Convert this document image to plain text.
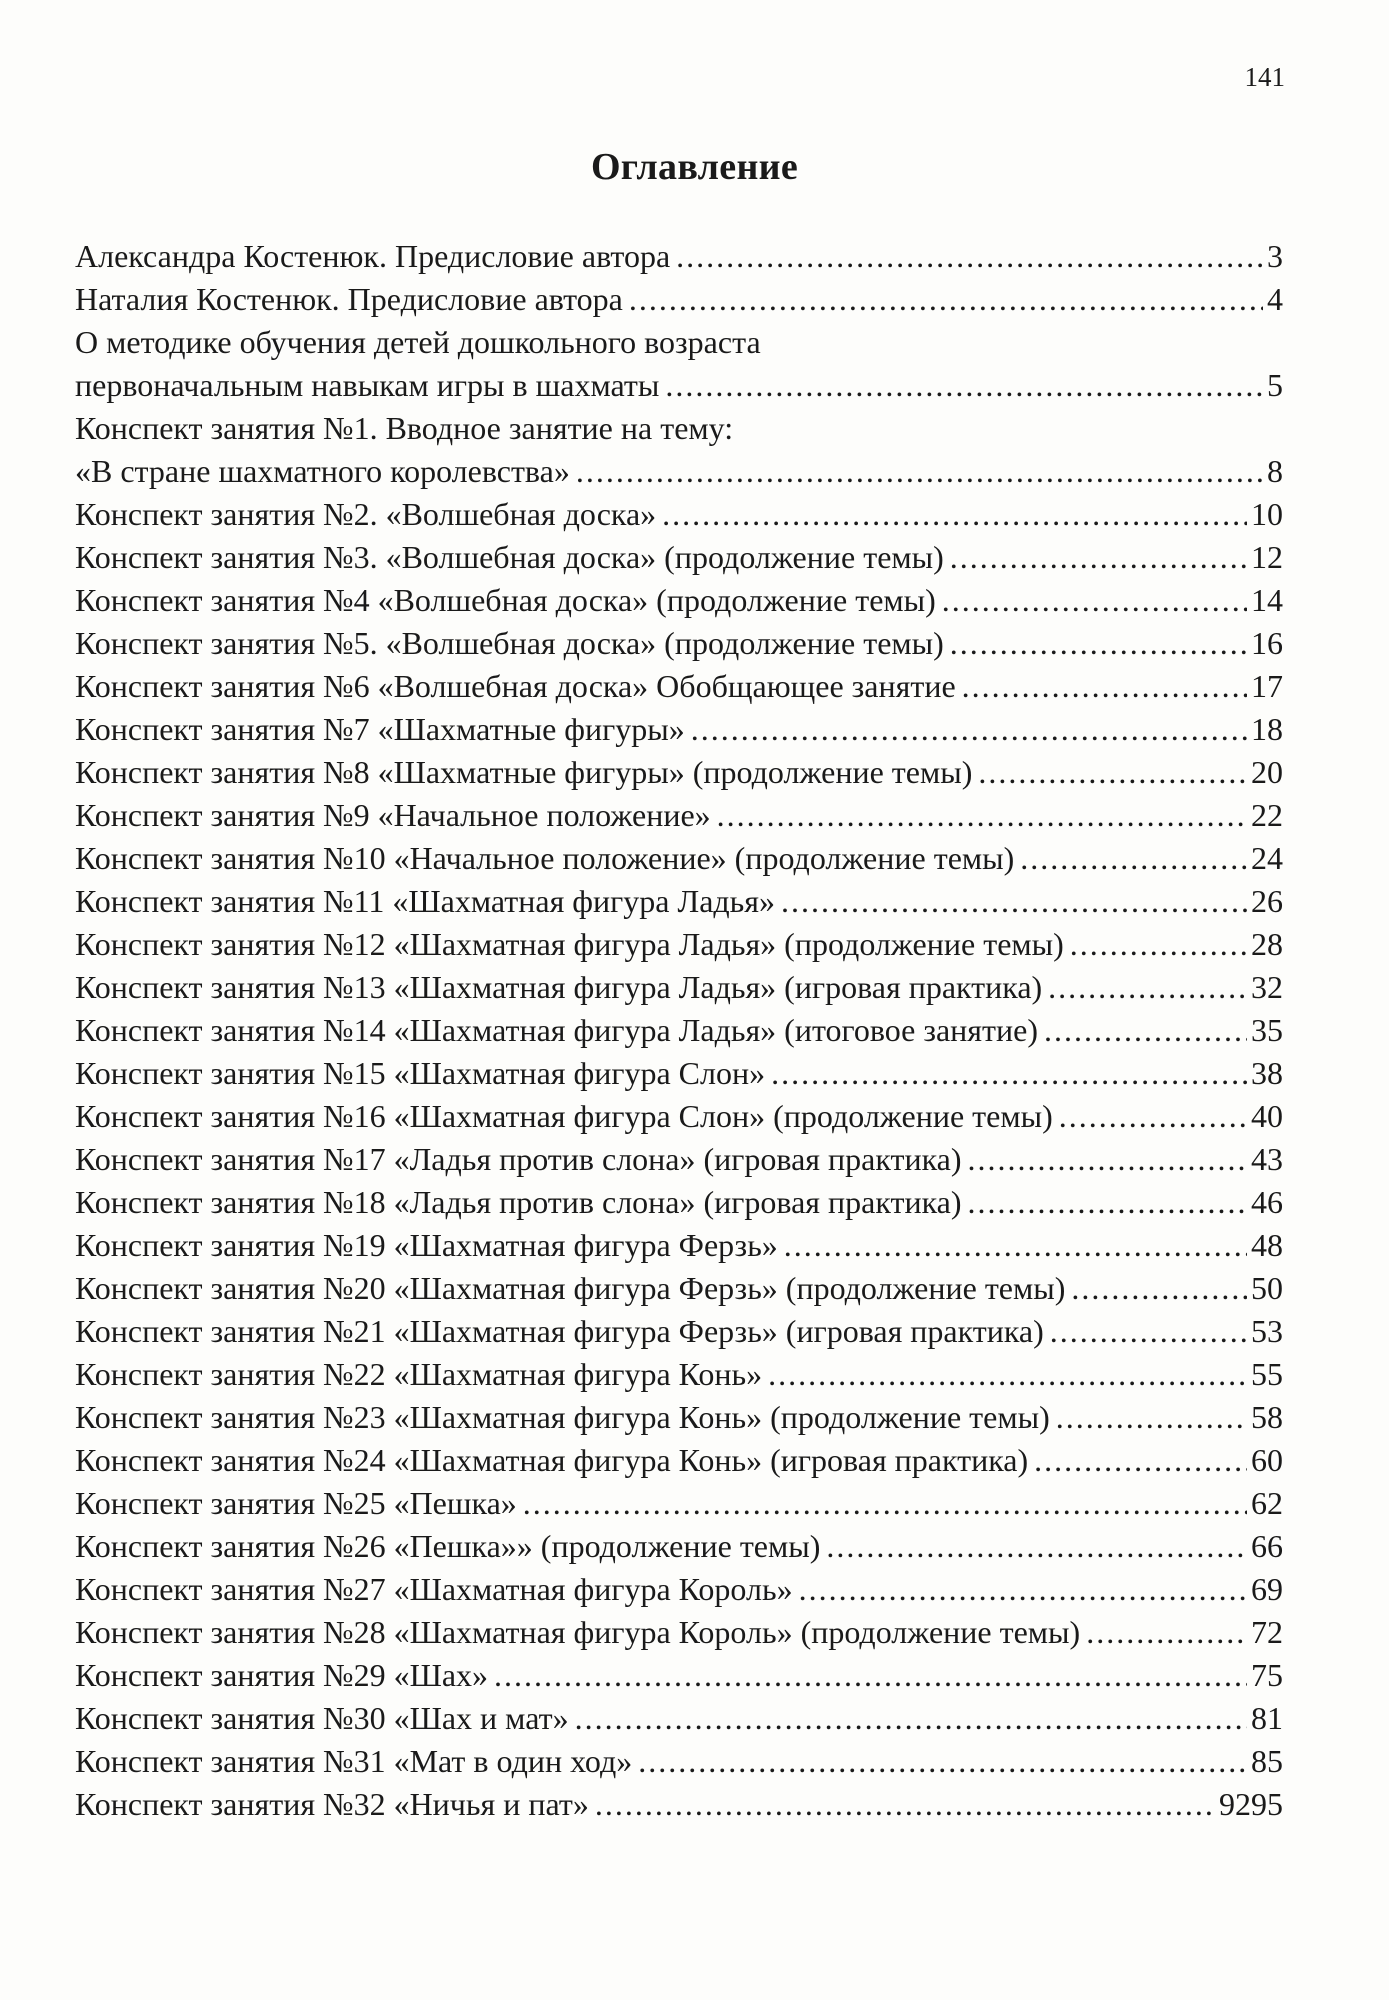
141
Оглавление
Александра Костенюк. Предисловие автора . . .	3
Наталия Костенюк. Предисловие автора . . .	4
О методике обучения детей дошкольного возраста
первоначальным навыкам игры в шахматы . . .	5
Конспект занятия №1. Вводное занятие на тему:
«В стране шахматного королевства» . . .	8
Конспект занятия №2. «Волшебная доска» . . .	10
Конспект занятия №3. «Волшебная доска» (продолжение темы) . . .	12
Конспект занятия №4 «Волшебная доска» (продолжение темы) . . .	14
Конспект занятия №5. «Волшебная доска» (продолжение темы) . . .	16
Конспект занятия №6 «Волшебная доска» Обобщающее занятие . . .	17
Конспект занятия №7 «Шахматные фигуры» . . .	18
Конспект занятия №8 «Шахматные фигуры» (продолжение темы) . . .	20
Конспект занятия №9 «Начальное положение» . . .	22
Конспект занятия №10 «Начальное положение» (продолжение темы) . . .	24
Конспект занятия №11 «Шахматная фигура Ладья» . . .	26
Конспект занятия №12 «Шахматная фигура Ладья» (продолжение темы) . . .	28
Конспект занятия №13 «Шахматная фигура Ладья» (игровая практика) . . .	32
Конспект занятия №14 «Шахматная фигура Ладья» (итоговое занятие) . . .	35
Конспект занятия №15 «Шахматная фигура Слон» . . .	38
Конспект занятия №16 «Шахматная фигура Слон» (продолжение темы) . . .	40
Конспект занятия №17 «Ладья против слона» (игровая практика) . . .	43
Конспект занятия №18 «Ладья против слона» (игровая практика) . . .	46
Конспект занятия №19 «Шахматная фигура Ферзь» . . .	48
Конспект занятия №20 «Шахматная фигура Ферзь» (продолжение темы) . . .	50
Конспект занятия №21 «Шахматная фигура Ферзь» (игровая практика) . . .	53
Конспект занятия №22 «Шахматная фигура Конь» . . .	55
Конспект занятия №23 «Шахматная фигура Конь» (продолжение темы) . . .	58
Конспект занятия №24 «Шахматная фигура Конь» (игровая практика) . . .	60
Конспект занятия №25 «Пешка» . . .	62
Конспект занятия №26 «Пешка»» (продолжение темы) . . .	66
Конспект занятия №27 «Шахматная фигура Король» . . .	69
Конспект занятия №28 «Шахматная фигура Король» (продолжение темы) . . .	72
Конспект занятия №29 «Шах» . . .	75
Конспект занятия №30 «Шах и мат» . . .	81
Конспект занятия №31 «Мат в один ход» . . .	85
Конспект занятия №32 «Ничья и пат» . . .	9295
